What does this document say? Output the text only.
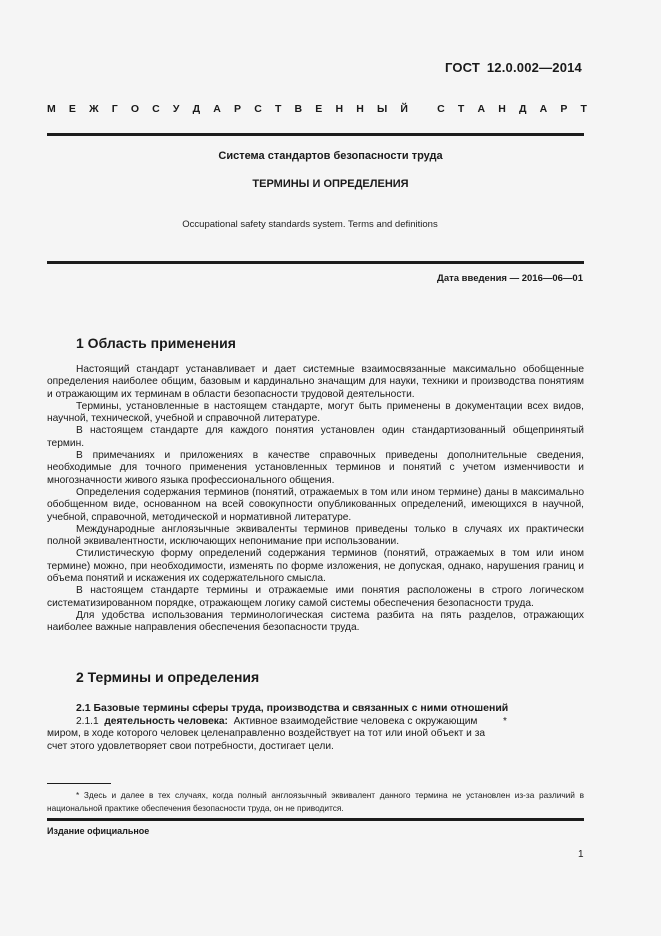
ГОСТ 12.0.002—2014
М Е Ж Г О С У Д А Р С Т В Е Н Н Ы Й
	С Т А Н Д А Р Т
Система стандартов безопасности труда
ТЕРМИНЫ И ОПРЕДЕЛЕНИЯ
Occupational safety standards system. Terms and definitions
Дата введения — 2016—06—01
1 Область применения

Настоящий стандарт устанавливает и дает системные взаимосвязанные максимально обобщенные определения наиболее общим, базовым и кардинально значащим для науки, техники и производства понятиям и отражающим их терминам в области безопасности трудовой деятельности.

Термины, установленные в настоящем стандарте, могут быть применены в документации всех видов, научной, технической, учебной и справочной литературе.

В настоящем стандарте для каждого понятия установлен один стандартизованный общепринятый термин.

В примечаниях и приложениях в качестве справочных приведены дополнительные сведения, необходимые для точного применения установленных терминов и понятий с учетом изменчивости и многозначности живого языка профессионального общения.

Определения содержания терминов (понятий, отражаемых в том или ином термине) даны в максимально обобщенном виде, основанном на всей совокупности опубликованных определений, имеющихся в научной, учебной, справочной, методической и нормативной литературе.

Международные англоязычные эквиваленты терминов приведены только в случаях их практически полной эквивалентности, исключающих непонимание при использовании.

Стилистическую форму определений содержания терминов (понятий, отражаемых в том или ином термине) можно, при необходимости, изменять по форме изложения, не допуская, однако, нарушения границ и объема понятий и искажения их содержательного смысла.

В настоящем стандарте термины и отражаемые ими понятия расположены в строго логическом систематизированном порядке, отражающем логику самой системы обеспечения безопасности труда.

Для удобства использования терминологическая система разбита на пять разделов, отражающих наиболее важные направления обеспечения безопасности труда.

2 Термины и определения
2.1 Базовые термины сферы труда, производства и связанных с ними отношений

2.1.1 деятельность человека: Активное взаимодействие человека с окружающим миром, в ходе которого человек целенаправленно воздействует на тот или иной объект и за счет этого удовлетворяет свои потребности, достигает цели.

*

* Здесь и далее в тех случаях, когда полный англоязычный эквивалент данного термина не установлен из-за различий в национальной практике обеспечения безопасности труда, он не приводится.

Издание официальное
1
